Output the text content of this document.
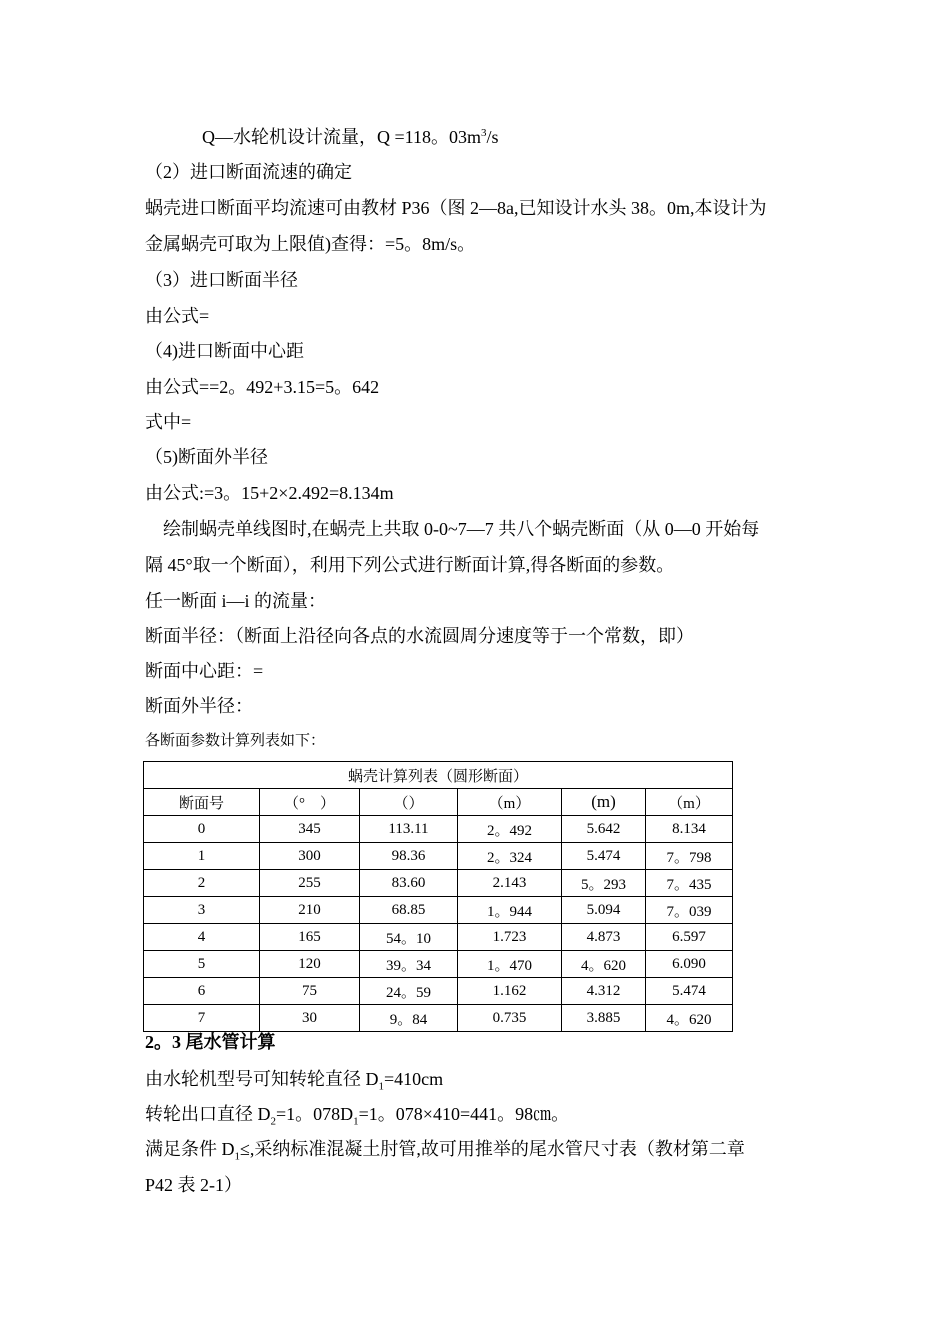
Q—水轮机设计流量，Q =118。$03m^3/s$
（2）进口断面流速的确定
蜗壳进口断面平均流速可由教材 P36（图 2—8a,已知设计水头 38。0m,本设计为
金属蜗壳可取为上限值)查得：=5。8m/s。
（3）进口断面半径
由公式=
（4)进口断面中心距
由公式==2。492+3.15=5。642
式中=
（5)断面外半径
由公式:=3。15+2×2.492=8.134m
绘制蜗壳单线图时,在蜗壳上共取 0-0~7—7 共八个蜗壳断面（从 0—0 开始每
隔 45°取一个断面），利用下列公式进行断面计算,得各断面的参数。
任一断面 i—i 的流量：
断面半径：（断面上沿径向各点的水流圆周分速度等于一个常数，即）
断面中心距：=
断面外半径：
各断面参数计算列表如下：
蜗壳计算列表（圆形断面）					
断面号	（°　）	（）	（m）	(m)	（m）
0	345	113.11	2。492	5.642	8.134
1	300	98.36	2。324	5.474	7。798
2	255	83.60	2.143	5。293	7。435
3	210	68.85	1。944	5.094	7。039
4	165	54。10	1.723	4.873	6.597
5	120	39。34	1。470	4。620	6.090
6	75	24。59	1.162	4.312	5.474
7	30	9。84	0.735	3.885	4。620
2。3 尾水管计算
由水轮机型号可知转轮直径 $D_1=410cm$
转轮出口直径 $D_2=1$。$078D_1=1$。078×410=441。98㎝。
满足条件 $D_1\le$,采纳标准混凝土肘管,故可用推举的尾水管尺寸表（教材第二章
P42 表 2-1）
